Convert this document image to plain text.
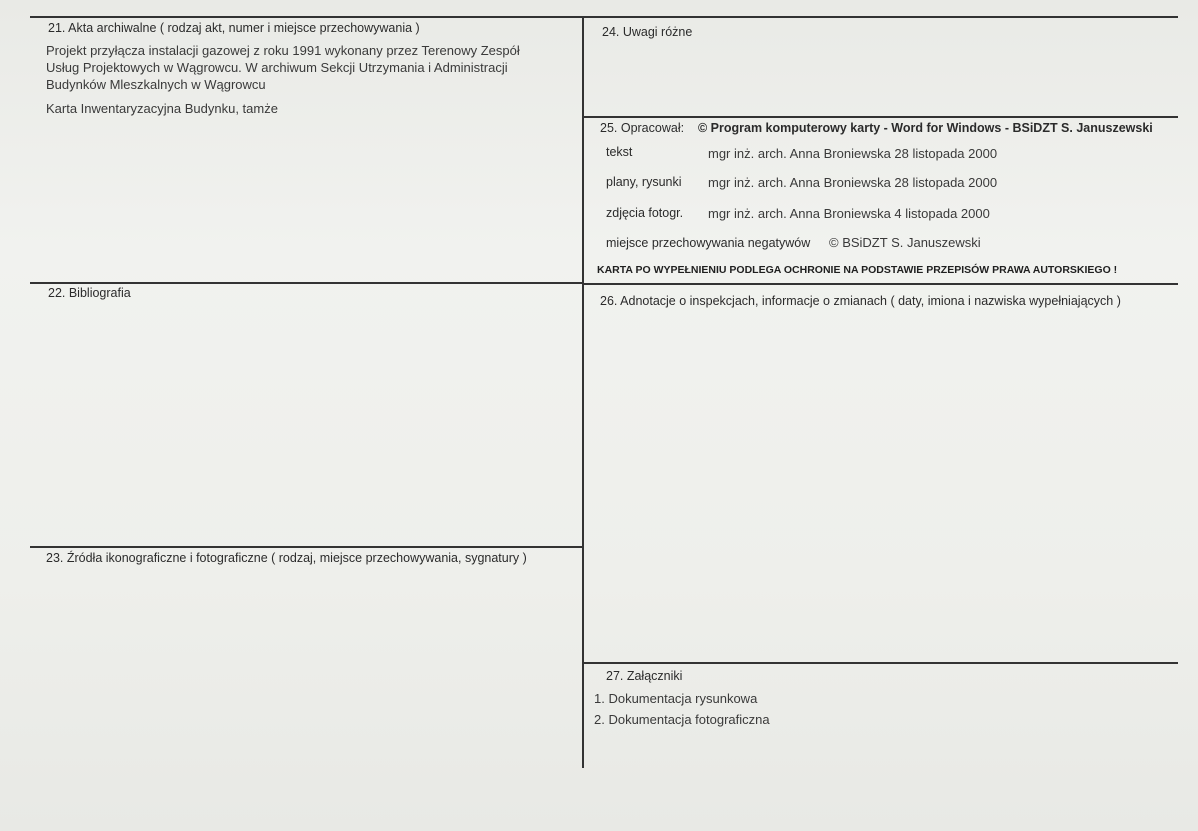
21. Akta archiwalne ( rodzaj akt, numer i miejsce przechowywania )
Projekt przyłącza instalacji gazowej z roku 1991 wykonany przez Terenowy Zespół
Usług Projektowych w Wągrowcu. W archiwum Sekcji Utrzymania i Administracji
Budynków Mleszkalnych w Wągrowcu
Karta Inwentaryzacyjna Budynku, tamże
22. Bibliografia
23. Źródła ikonograficzne i fotograficzne ( rodzaj, miejsce przechowywania, sygnatury )
24. Uwagi różne
25. Opracował: © Program komputerowy karty - Word for Windows - BSiDZT S. Januszewski
tekst	mgr inż. arch. Anna Broniewska 28 listopada 2000
plany, rysunki mgr inż. arch. Anna Broniewska 28 listopada 2000
zdjęcia fotogr. mgr inż. arch. Anna Broniewska 4 listopada 2000
miejsce przechowywania negatywów © BSiDZT S. Januszewski
KARTA PO WYPEŁNIENIU PODLEGA OCHRONIE NA PODSTAWIE PRZEPISÓW PRAWA AUTORSKIEGO !
26. Adnotacje o inspekcjach, informacje o zmianach ( daty, imiona i nazwiska wypełniających )
27. Załączniki
1. Dokumentacja rysunkowa
2. Dokumentacja fotograficzna
